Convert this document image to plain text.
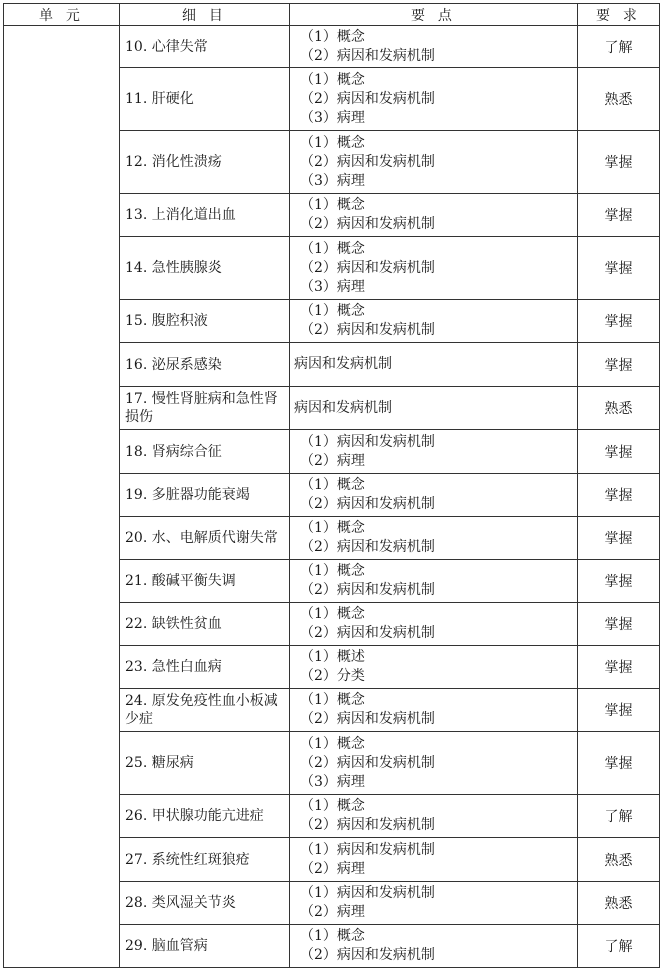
单 元	细 目	要 点	要 求
	10. 心律失常	（1）概念
（2）病因和发病机制	了解
	11. 肝硬化	（1）概念
（2）病因和发病机制
（3）病理	熟悉
	12. 消化性溃疡	（1）概念
（2）病因和发病机制
（3）病理	掌握
	13. 上消化道出血	（1）概念
（2）病因和发病机制	掌握
	14. 急性胰腺炎	（1）概念
（2）病因和发病机制
（3）病理	掌握
	15. 腹腔积液	（1）概念
（2）病因和发病机制	掌握
	16. 泌尿系感染	病因和发病机制	掌握
	17. 慢性肾脏病和急性肾损伤	病因和发病机制	熟悉
	18. 肾病综合征	（1）病因和发病机制
（2）病理	掌握
	19. 多脏器功能衰竭	（1）概念
（2）病因和发病机制	掌握
	20. 水、电解质代谢失常	（1）概念
（2）病因和发病机制	掌握
	21. 酸碱平衡失调	（1）概念
（2）病因和发病机制	掌握
	22. 缺铁性贫血	（1）概念
（2）病因和发病机制	掌握
	23. 急性白血病	（1）概述
（2）分类	掌握
	24. 原发免疫性血小板减少症	（1）概念
（2）病因和发病机制	掌握
	25. 糖尿病	（1）概念
（2）病因和发病机制
（3）病理	掌握
	26. 甲状腺功能亢进症	（1）概念
（2）病因和发病机制	了解
	27. 系统性红斑狼疮	（1）病因和发病机制
（2）病理	熟悉
	28. 类风湿关节炎	（1）病因和发病机制
（2）病理	熟悉
	29. 脑血管病	（1）概念
（2）病因和发病机制	了解
